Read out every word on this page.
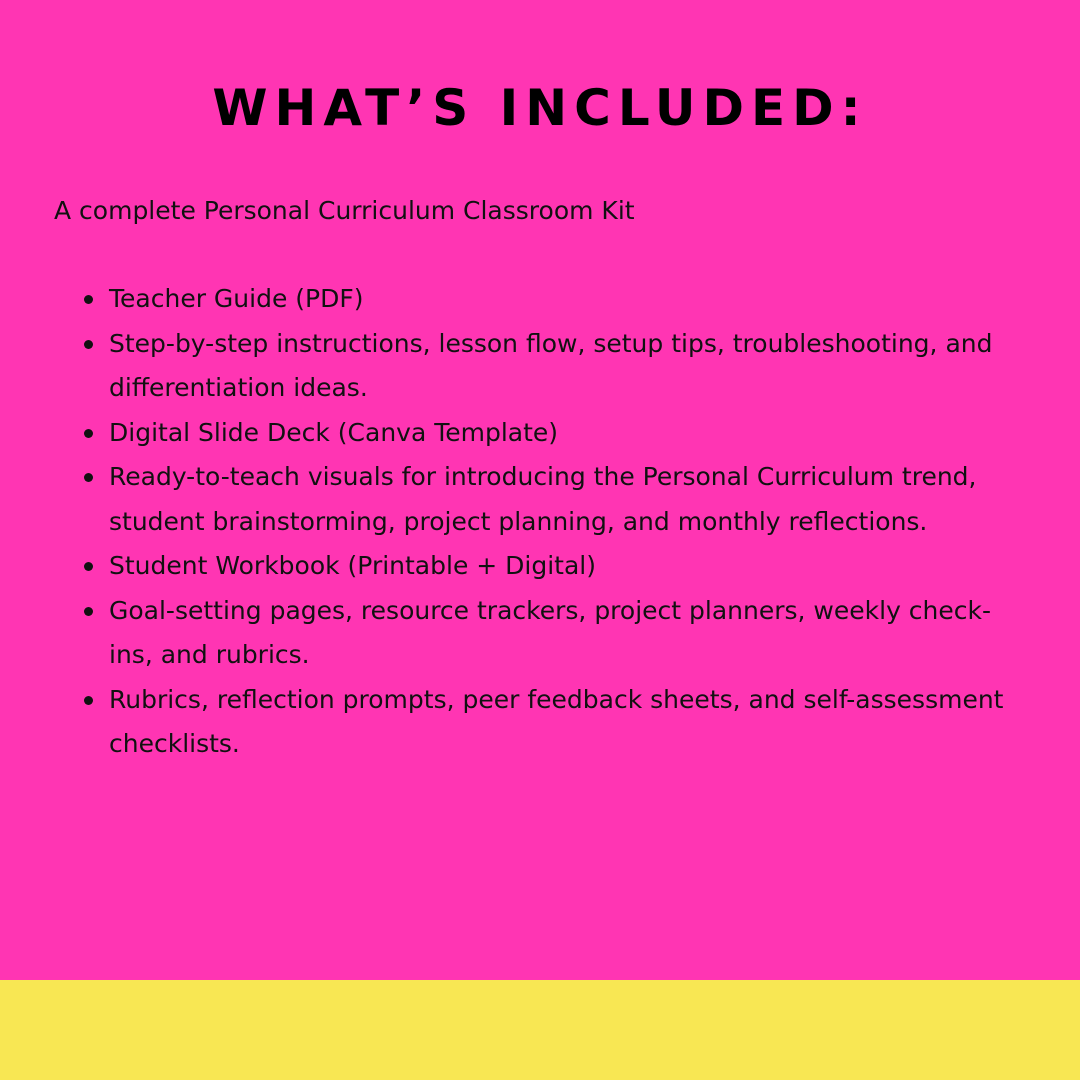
WHAT’S INCLUDED:

A complete Personal Curriculum Classroom Kit

Teacher Guide (PDF)
Step-by-step instructions, lesson flow, setup tips, troubleshooting, and differentiation ideas.
Digital Slide Deck (Canva Template)
Ready-to-teach visuals for introducing the Personal Curriculum trend, student brainstorming, project planning, and monthly reflections.
Student Workbook (Printable + Digital)
Goal-setting pages, resource trackers, project planners, weekly check-ins, and rubrics.
Rubrics, reflection prompts, peer feedback sheets, and self-assessment checklists.
